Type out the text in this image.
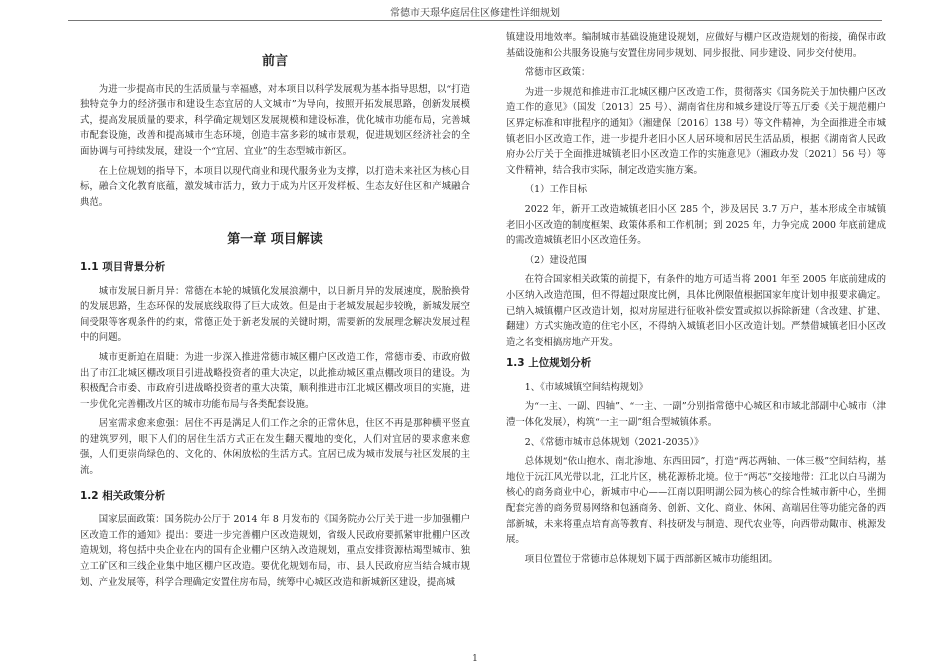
常德市天璟华庭居住区修建性详细规划
前言

为进一步提高市民的生活质量与幸福感，对本项目以科学发展观为基本指导思想，以“打造独特竞争力的经济强市和建设生态宜居的人文城市”为导向，按照开拓发展思路，创新发展模式，提高发展质量的要求，科学确定规划区发展规模和建设标准，优化城市功能布局，完善城市配套设施，改善和提高城市生态环境，创造丰富多彩的城市景观，促进规划区经济社会的全面协调与可持续发展，建设一个“宜居、宜业”的生态型城市新区。

在上位规划的指导下，本项目以现代商业和现代服务业为支撑，以打造未来社区为核心目标，融合文化教育底蕴，激发城市活力，致力于成为片区开发样板、生态友好住区和产城融合典范。

第一章 项目解读
1.1 项目背景分析

城市发展日新月异：常德在本轮的城镇化发展浪潮中，以日新月异的发展速度，脱胎换骨的发展思路，生态环保的发展底线取得了巨大成效。但是由于老城发展起步较晚，新城发展空间受限等客观条件的约束，常德正处于新老发展的关键时期，需要新的发展理念解决发展过程中的问题。

城市更新迫在眉睫：为进一步深入推进常德市城区棚户区改造工作，常德市委、市政府做出了市江北城区棚改项目引进战略投资者的重大决定，以此推动城区重点棚改项目的建设。为积极配合市委、市政府引进战略投资者的重大决策，顺利推进市江北城区棚改项目的实施，进一步优化完善棚改片区的城市功能布局与各类配套设施。

居室需求愈来愈强：居住不再是满足人们工作之余的正常休息，住区不再是那种横平竖直的建筑罗列，眼下人们的居住生活方式正在发生翻天覆地的变化，人们对宜居的要求愈来愈强，人们更崇尚绿色的、文化的、休闲放松的生活方式。宜居已成为城市发展与社区发展的主流。

1.2 相关政策分析

国家层面政策：国务院办公厅于 2014 年 8 月发布的《国务院办公厅关于进一步加强棚户区改造工作的通知》提出：要进一步完善棚户区改造规划，省级人民政府要抓紧审批棚户区改造规划，将包括中央企业在内的国有企业棚户区纳入改造规划，重点安排资源枯竭型城市、独立工矿区和三线企业集中地区棚户区改造。要优化规划布局，市、县人民政府应当结合城市规划、产业发展等，科学合理确定安置住房布局，统筹中心城区改造和新城新区建设，提高城

镇建设用地效率。编制城市基础设施建设规划，应做好与棚户区改造规划的衔接，确保市政基础设施和公共服务设施与安置住房同步规划、同步报批、同步建设、同步交付使用。

常德市区政策：

为进一步规范和推进市江北城区棚户区改造工作，贯彻落实《国务院关于加快棚户区改造工作的意见》（国发〔2013〕25 号）、湖南省住房和城乡建设厅等五厅委《关于规范棚户区界定标准和审批程序的通知》（湘建保〔2016〕138 号）等文件精神，为全面推进全市城镇老旧小区改造工作，进一步提升老旧小区人居环境和居民生活品质，根据《湖南省人民政府办公厅关于全面推进城镇老旧小区改造工作的实施意见》（湘政办发〔2021〕56 号）等文件精神，结合我市实际，制定改造实施方案。

（1）工作目标

2022 年，新开工改造城镇老旧小区 285 个，涉及居民 3.7 万户，基本形成全市城镇老旧小区改造的制度框架、政策体系和工作机制；到 2025 年，力争完成 2000 年底前建成的需改造城镇老旧小区改造任务。

（2）建设范围

在符合国家相关政策的前提下，有条件的地方可适当将 2001 年至 2005 年底前建成的小区纳入改造范围，但不得超过限度比例，具体比例限值根据国家年度计划申报要求确定。已纳入城镇棚户区改造计划，拟对房屋进行征收补偿安置或拟以拆除新建（含改建、扩建、翻建）方式实施改造的住宅小区，不得纳入城镇老旧小区改造计划。严禁借城镇老旧小区改造之名变相搞房地产开发。

1.3 上位规划分析

1、《市域城镇空间结构规划》

为“一主、一副、四轴”、“一主、一副”分别指常德中心城区和市域北部副中心城市（津澧一体化发展），构筑“一主一副”组合型城镇体系。

2、《常德市城市总体规划（2021-2035）》

总体规划“依山抱水、南北渗地、东西田园”，打造“两芯两轴、一体三极”空间结构，基地位于沅江风光带以北，江北片区，桃花源桥北境。位于“两芯”交接地带：江北以白马湖为核心的商务商业中心，新城市中心——江南以阳明湖公园为核心的综合性城市新中心，坐拥配套完善的商务贸易网络和包涵商务、创新、文化、商业、休闲、高端居住等功能完备的西部新城，未来将重点培育高等教育、科技研发与制造、现代农业等，向西带动陬市、桃源发展。

项目位置位于常德市总体规划下属于西部新区城市功能组团。

1
